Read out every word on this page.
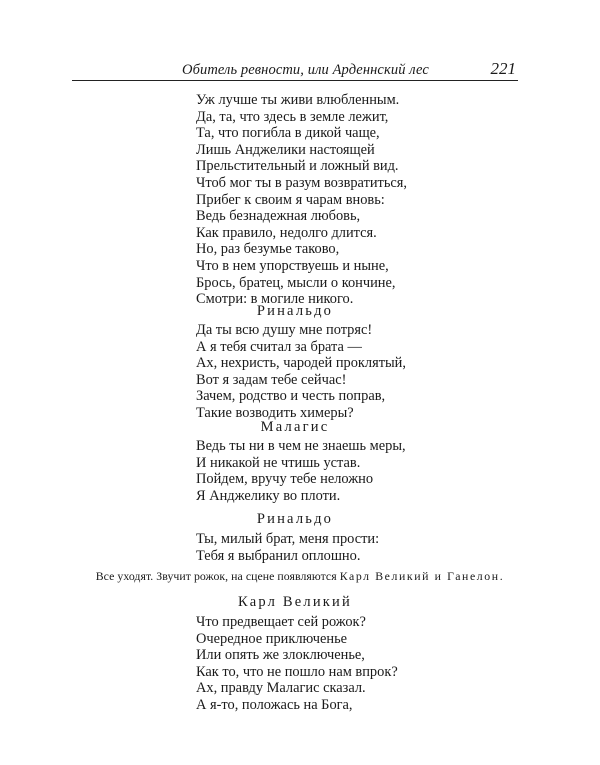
Обитель ревности, или Арденнский лес	221
Уж лучше ты живи влюбленным.
Да, та, что здесь в земле лежит,
Та, что погибла в дикой чаще,
Лишь Анджелики настоящей
Прельстительный и ложный вид.
Чтоб мог ты в разум возвратиться,
Прибег к своим я чарам вновь:
Ведь безнадежная любовь,
Как правило, недолго длится.
Но, раз безумье таково,
Что в нем упорствуешь и ныне,
Брось, братец, мысли о кончине,
Смотри: в могиле никого.
Ринальдо
Да ты всю душу мне потряс!
А я тебя считал за брата —
Ах, нехристь, чародей проклятый,
Вот я задам тебе сейчас!
Зачем, родство и честь поправ,
Такие возводить химеры?
Малагис
Ведь ты ни в чем не знаешь меры,
И никакой не чтишь устав.
Пойдем, вручу тебе неложно
Я Анджелику во плоти.
Ринальдо
Ты, милый брат, меня прости:
Тебя я выбранил оплошно.
Все уходят. Звучит рожок, на сцене появляются Карл Великий и Ганелон.
Карл Великий
Что предвещает сей рожок?
Очередное приключенье
Или опять же злоключенье,
Как то, что не пошло нам впрок?
Ах, правду Малагис сказал.
А я-то, положась на Бога,
